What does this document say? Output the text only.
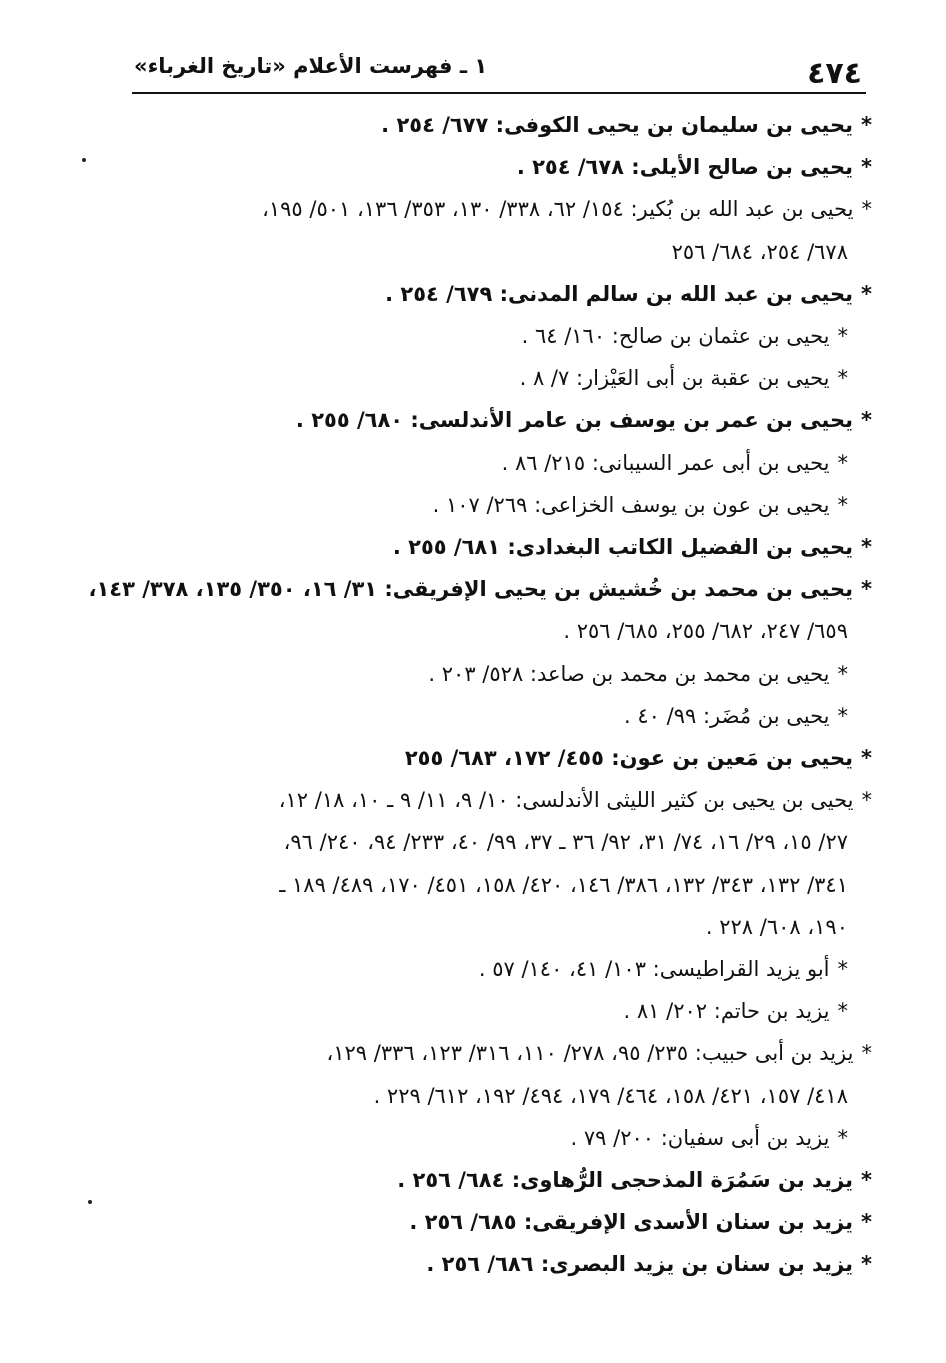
٤٧٤
١ ـ فهرست الأعلام «تاريخ الغرباء»
*يحيى بن سليمان بن يحيى الكوفى: ٦٧٧/ ٢٥٤ .
*يحيى بن صالح الأيلى: ٦٧٨/ ٢٥٤ .
*يحيى بن عبد الله بن بُكير: ١٥٤/ ٦٢، ٣٣٨/ ١٣٠، ٣٥٣/ ١٣٦، ٥٠١/ ١٩٥،
٦٧٨/ ٢٥٤، ٦٨٤/ ٢٥٦
*يحيى بن عبد الله بن سالم المدنى: ٦٧٩/ ٢٥٤ .
*يحيى بن عثمان بن صالح: ١٦٠/ ٦٤ .
*يحيى بن عقبة بن أبى العَيْزار: ٧/ ٨ .
*يحيى بن عمر بن يوسف بن عامر الأندلسى: ٦٨٠/ ٢٥٥ .
*يحيى بن أبى عمر السيبانى: ٢١٥/ ٨٦ .
*يحيى بن عون بن يوسف الخزاعى: ٢٦٩/ ١٠٧ .
*يحيى بن الفضيل الكاتب البغدادى: ٦٨١/ ٢٥٥ .
*يحيى بن محمد بن خُشيش بن يحيى الإفريقى: ٣١/ ١٦، ٣٥٠/ ١٣٥، ٣٧٨/ ١٤٣،
٦٥٩/ ٢٤٧، ٦٨٢/ ٢٥٥، ٦٨٥/ ٢٥٦ .
*يحيى بن محمد بن محمد بن صاعد: ٥٢٨/ ٢٠٣ .
*يحيى بن مُضَر: ٩٩/ ٤٠ .
*يحيى بن مَعين بن عون: ٤٥٥/ ١٧٢، ٦٨٣/ ٢٥٥
*يحيى بن يحيى بن كثير الليثى الأندلسى: ١٠/ ٩، ١١/ ٩ ـ ١٠، ١٨/ ١٢،
٢٧/ ١٥، ٢٩/ ١٦، ٧٤/ ٣١، ٩٢/ ٣٦ ـ ٣٧، ٩٩/ ٤٠، ٢٣٣/ ٩٤، ٢٤٠/ ٩٦،
٣٤١/ ١٣٢، ٣٤٣/ ١٣٢، ٣٨٦/ ١٤٦، ٤٢٠/ ١٥٨، ٤٥١/ ١٧٠، ٤٨٩/ ١٨٩ ـ
١٩٠، ٦٠٨/ ٢٢٨ .
*أبو يزيد القراطيسى: ١٠٣/ ٤١، ١٤٠/ ٥٧ .
*يزيد بن حاتم: ٢٠٢/ ٨١ .
*يزيد بن أبى حبيب: ٢٣٥/ ٩٥، ٢٧٨/ ١١٠، ٣١٦/ ١٢٣، ٣٣٦/ ١٢٩،
٤١٨/ ١٥٧، ٤٢١/ ١٥٨، ٤٦٤/ ١٧٩، ٤٩٤/ ١٩٢، ٦١٢/ ٢٢٩ .
*يزيد بن أبى سفيان: ٢٠٠/ ٧٩ .
*يزيد بن سَمُرَة المذحجى الرُّهاوى: ٦٨٤/ ٢٥٦ .
*يزيد بن سنان الأسدى الإفريقى: ٦٨٥/ ٢٥٦ .
*يزيد بن سنان بن يزيد البصرى: ٦٨٦/ ٢٥٦ .
